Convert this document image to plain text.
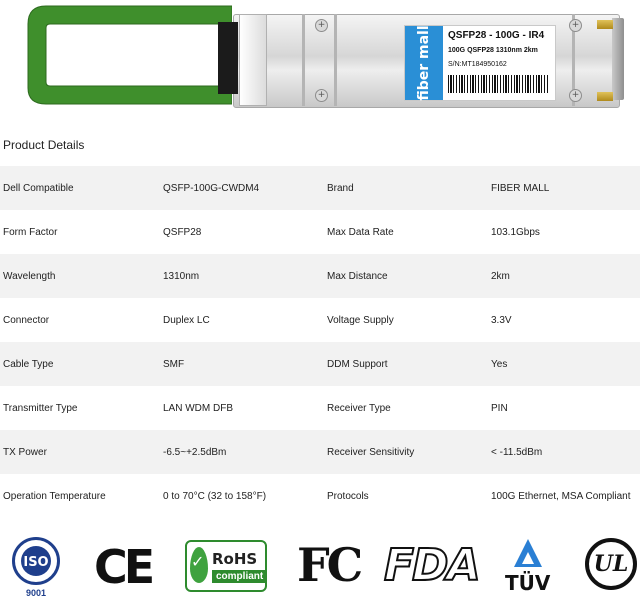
+
+
+
+
fiber mall QSFP28 - 100G - IR4
100G QSFP28 1310nm 2km
S/N:MT184950162
Product Details
Dell Compatible	QSFP-100G-CWDM4	Brand	FIBER MALL
Form Factor	QSFP28	Max Data Rate	103.1Gbps
Wavelength	1310nm	Max Distance	2km
Connector	Duplex LC	Voltage Supply	3.3V
Cable Type	SMF	DDM Support	Yes
Transmitter Type	LAN WDM DFB	Receiver Type	PIN
TX Power	-6.5~+2.5dBm	Receiver Sensitivity	< -11.5dBm
Operation Temperature	0 to 70°C (32 to 158°F)	Protocols	100G Ethernet, MSA Compliant
ISO
9001	CE ✓ RoHS
compliant FC FDA TÜV
UL
